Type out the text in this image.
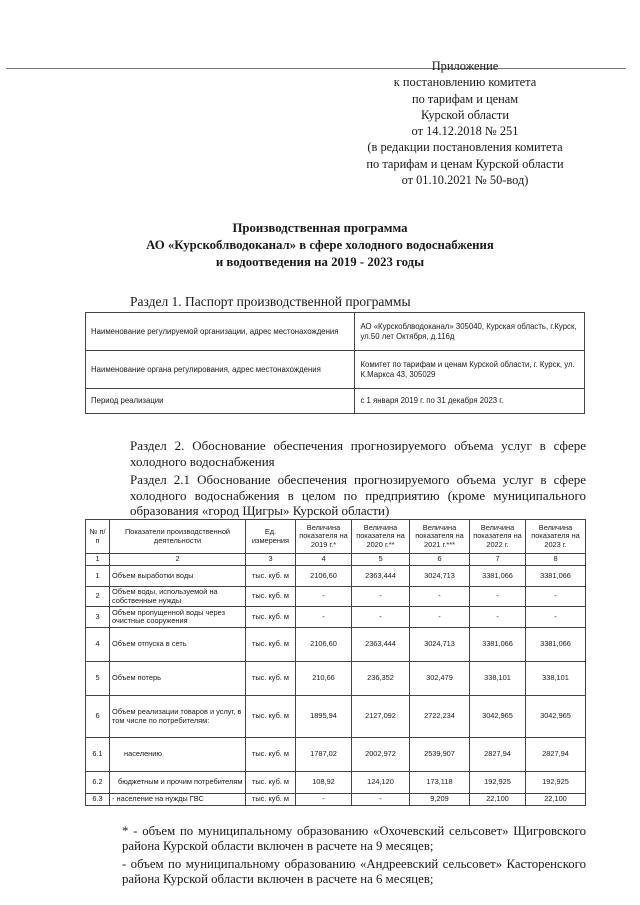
Приложение
к постановлению комитета
по тарифам и ценам
Курской области
от 14.12.2018 № 251
(в редакции постановления комитета
по тарифам и ценам Курской области
от 01.10.2021 № 50-вод)
Производственная программа
АО «Курскоблводоканал» в сфере холодного водоснабжения
и водоотведения на 2019 - 2023 годы
Раздел 1. Паспорт производственной программы
Наименование регулируемой организации, адрес местонахождения	АО «Курскоблводоканал» 305040, Курская область, г.Курск, ул.50 лет Октября, д.116д
Наименование органа регулирования, адрес местонахождения	Комитет по тарифам и ценам Курской области, г. Курск, ул. К.Маркса 43, 305029
Период реализации	с 1 января 2019 г. по 31 декабря 2023 г.
Раздел 2. Обоснование обеспечения прогнозируемого объема услуг в сфере холодного водоснабжения
Раздел 2.1 Обоснование обеспечения прогнозируемого объема услуг в сфере холодного водоснабжения в целом по предприятию (кроме муниципального образования «город Щигры» Курской области)
№ п/п	Показатели производственной деятельности	Ед. измерения	Величина показателя на 2019 г.*	Величина показателя на 2020 г.**	Величина показателя на 2021 г.***	Величина показателя на 2022 г.	Величина показателя на 2023 г.
1	2	3	4	5	6	7	8
1	Объем выработки воды	тыс. куб. м	2106,60	2363,444	3024,713	3381,066	3381,066
2	Объем воды, используемой на собственные нужды	тыс. куб. м	-	-	-	-	-
3	Объем пропущенной воды через очистные сооружения	тыс. куб. м	-	-	-	-	-
4	Объем отпуска в сеть	тыс. куб. м	2106,60	2363,444	3024,713	3381,066	3381,066
5	Объем потерь	тыс. куб. м	210,66	236,352	302,479	338,101	338,101
6	Объем реализации товаров и услуг, в том числе по потребителям:	тыс. куб. м	1895,94	2127,092	2722,234	3042,965	3042,965
6.1	населению	тыс. куб. м	1787,02	2002,972	2539,907	2827,94	2827,94
6.2	бюджетным и прочим потребителям	тыс. куб. м	108,92	124,120	173,118	192,925	192,925
6.3	- население на нужды ГВС	тыс. куб. м	-	-	9,209	22,100	22,100
* - объем по муниципальному образованию «Охочевский сельсовет» Щигровского района Курской области включен в расчете на 9 месяцев;
- объем по муниципальному образованию «Андреевский сельсовет» Касторенского района Курской области включен в расчете на 6 месяцев;
